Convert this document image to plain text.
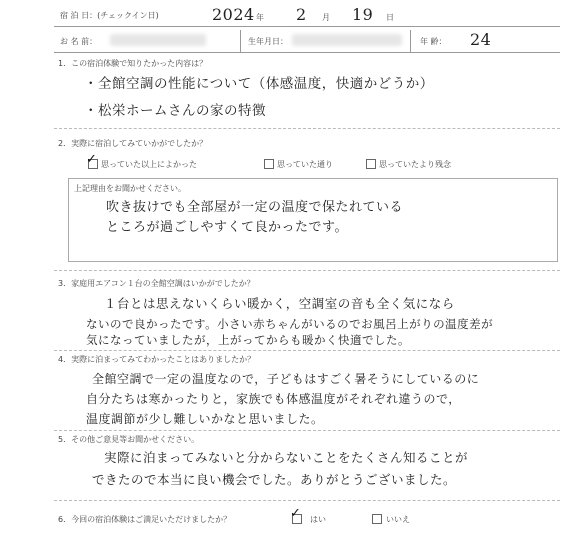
宿 泊 日：(チェックイン日)	2024 年 2 月 19 日
お 名 前：	生年月日：	年 齢： 24
1．この宿泊体験で知りたかった内容は？
・全館空調の性能について（体感温度，快適かどうか）
・松栄ホームさんの家の特徴
2．実際に宿泊してみていかがでしたか？
✓ 思っていた以上によかった	思っていた通り	思っていたより残念
上記理由をお聞かせください。
吹き抜けでも全部屋が一定の温度で保たれている
ところが過ごしやすくて良かったです。
3．家庭用エアコン１台の全館空調はいかがでしたか？
１台とは思えないくらい暖かく，空調室の音も全く気になら
ないので良かったです。小さい赤ちゃんがいるのでお風呂上がりの温度差が
気になっていましたが，上がってからも暖かく快適でした。
4．実際に泊まってみてわかったことはありましたか？
全館空調で一定の温度なので，子どもはすごく暑そうにしているのに
自分たちは寒かったりと，家族でも体感温度がそれぞれ違うので，
温度調節が少し難しいかなと思いました。
5．その他ご意見等お聞かせください。
実際に泊まってみないと分からないことをたくさん知ることが
できたので本当に良い機会でした。ありがとうございました。
6．今回の宿泊体験はご満足いただけましたか？	✓ はい	いいえ
